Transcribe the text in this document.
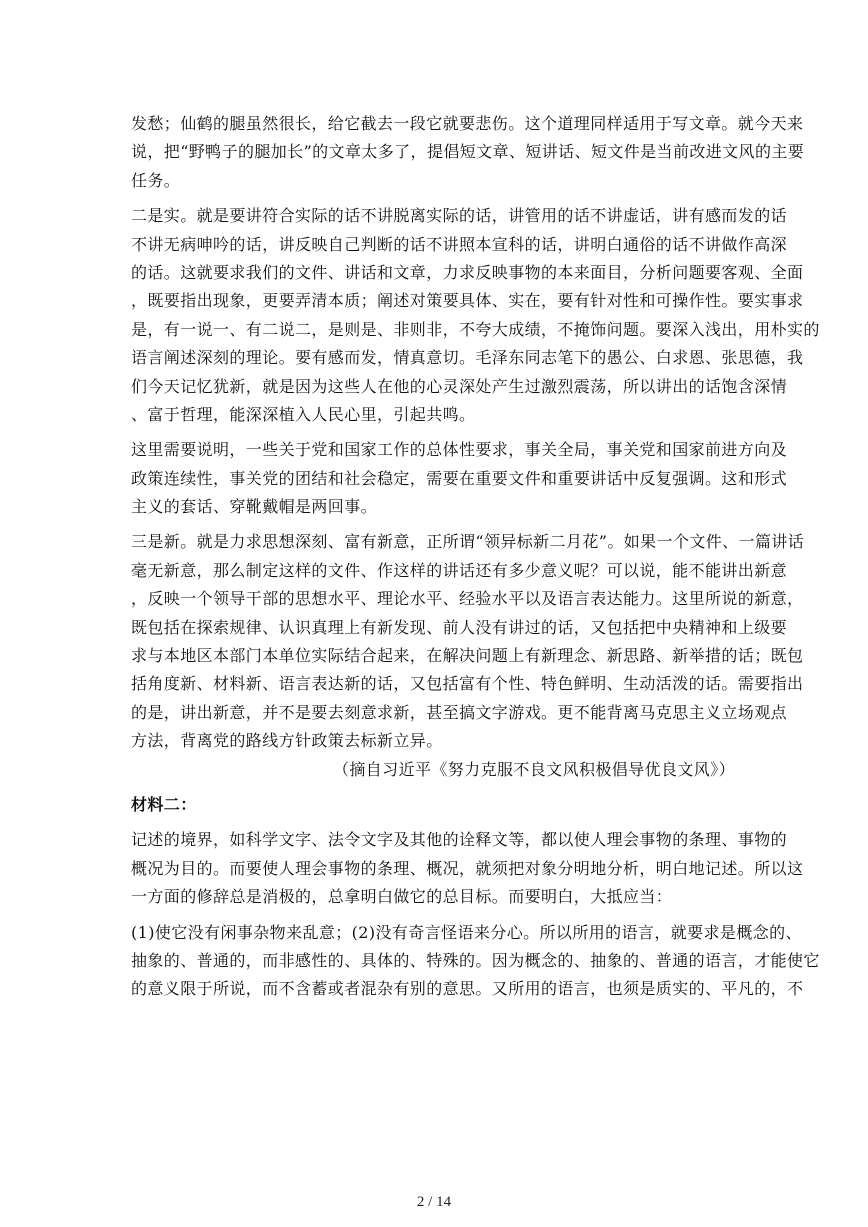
发愁；仙鹤的腿虽然很长，给它截去一段它就要悲伤。这个道理同样适用于写文章。就今天来
说，把“野鸭子的腿加长”的文章太多了，提倡短文章、短讲话、短文件是当前改进文风的主要
任务。
二是实。就是要讲符合实际的话不讲脱离实际的话，讲管用的话不讲虚话，讲有感而发的话
不讲无病呻吟的话，讲反映自己判断的话不讲照本宣科的话，讲明白通俗的话不讲做作高深
的话。这就要求我们的文件、讲话和文章，力求反映事物的本来面目，分析问题要客观、全面
，既要指出现象，更要弄清本质；阐述对策要具体、实在，要有针对性和可操作性。要实事求
是，有一说一、有二说二，是则是、非则非，不夸大成绩，不掩饰问题。要深入浅出，用朴实的
语言阐述深刻的理论。要有感而发，情真意切。毛泽东同志笔下的愚公、白求恩、张思德，我
们今天记忆犹新，就是因为这些人在他的心灵深处产生过激烈震荡，所以讲出的话饱含深情
、富于哲理，能深深植入人民心里，引起共鸣。
这里需要说明，一些关于党和国家工作的总体性要求，事关全局，事关党和国家前进方向及
政策连续性，事关党的团结和社会稳定，需要在重要文件和重要讲话中反复强调。这和形式
主义的套话、穿靴戴帽是两回事。
三是新。就是力求思想深刻、富有新意，正所谓“领异标新二月花”。如果一个文件、一篇讲话
毫无新意，那么制定这样的文件、作这样的讲话还有多少意义呢？可以说，能不能讲出新意
，反映一个领导干部的思想水平、理论水平、经验水平以及语言表达能力。这里所说的新意，
既包括在探索规律、认识真理上有新发现、前人没有讲过的话，又包括把中央精神和上级要
求与本地区本部门本单位实际结合起来，在解决问题上有新理念、新思路、新举措的话；既包
括角度新、材料新、语言表达新的话，又包括富有个性、特色鲜明、生动活泼的话。需要指出
的是，讲出新意，并不是要去刻意求新，甚至搞文字游戏。更不能背离马克思主义立场观点
方法，背离党的路线方针政策去标新立异。
（摘自习近平《努力克服不良文风积极倡导优良文风》）
材料二：
记述的境界，如科学文字、法令文字及其他的诠释文等，都以使人理会事物的条理、事物的
概况为目的。而要使人理会事物的条理、概况，就须把对象分明地分析，明白地记述。所以这
一方面的修辞总是消极的，总拿明白做它的总目标。而要明白，大抵应当：
(1)使它没有闲事杂物来乱意；(2)没有奇言怪语来分心。所以所用的语言，就要求是概念的、
抽象的、普通的，而非感性的、具体的、特殊的。因为概念的、抽象的、普通的语言，才能使它
的意义限于所说，而不含蓄或者混杂有别的意思。又所用的语言，也须是质实的、平凡的，不
2 / 14
